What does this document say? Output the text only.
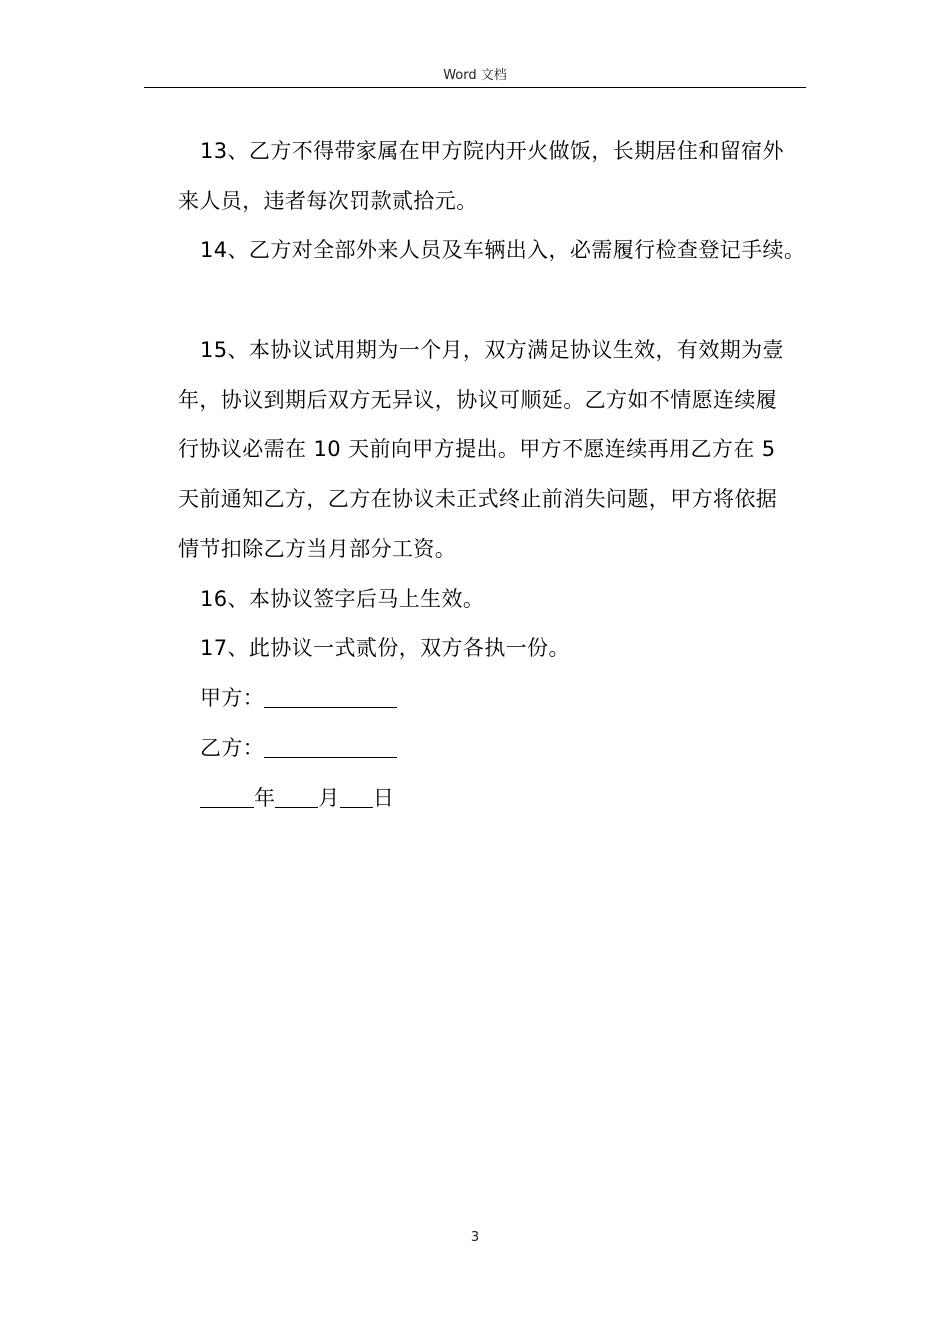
Word 文档
13、乙方不得带家属在甲方院内开火做饭，长期居住和留宿外
来人员，违者每次罚款贰拾元。
14、乙方对全部外来人员及车辆出入，必需履行检查登记手续。
15、本协议试用期为一个月，双方满足协议生效，有效期为壹
年，协议到期后双方无异议，协议可顺延。乙方如不情愿连续履
行协议必需在 10 天前向甲方提出。甲方不愿连续再用乙方在 5
天前通知乙方，乙方在协议未正式终止前消失问题，甲方将依据
情节扣除乙方当月部分工资。
16、本协议签字后马上生效。
17、此协议一式贰份，双方各执一份。
甲方：
乙方：
年 月 日
3
